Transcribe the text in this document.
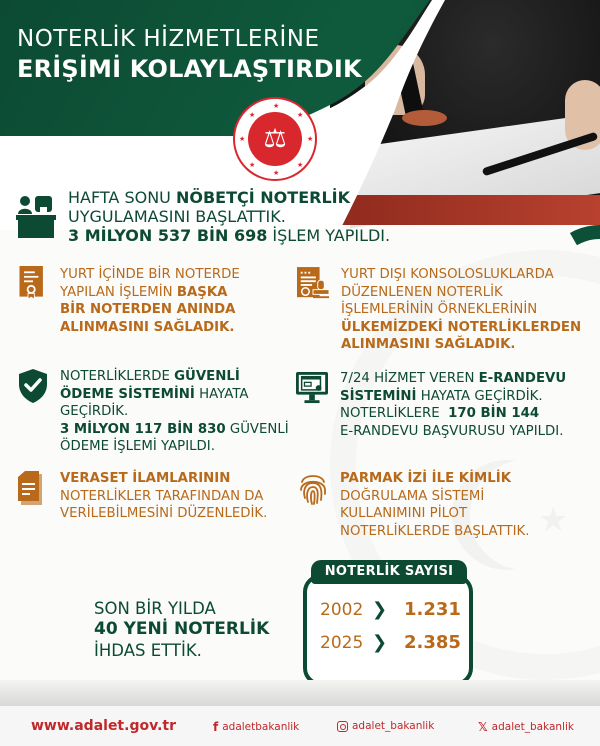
NOTERLİK HİZMETLERİNE
ERİŞİMİ KOLAYLAŞTIRDIK
★
★	★
★	★
★	★
★
⚖
HAFTA SONU NÖBETÇİ NOTERLİK
UYGULAMASINI BAŞLATTIK.
3 MİLYON 537 BİN 698 İŞLEM YAPILDI.
YURT İÇİNDE BİR NOTERDE
YAPILAN İŞLEMİN BAŞKA
BİR NOTERDEN ANINDA
ALINMASINI SAĞLADIK.
YURT DIŞI KONSOLOSLUKLARDA
DÜZENLENEN NOTERLİK
İŞLEMLERİNİN ÖRNEKLERİNİN
ÜLKEMİZDEKİ NOTERLİKLERDEN
ALINMASINI SAĞLADIK.
NOTERLİKLERDE GÜVENLİ
ÖDEME SİSTEMİNİ HAYATA
GEÇİRDİK.
3 MİLYON 117 BİN 830 GÜVENLİ
ÖDEME İŞLEMİ YAPILDI.
7/24 HİZMET VEREN E-RANDEVU
SİSTEMİNİ HAYATA GEÇİRDİK.
NOTERLİKLERE  170 BİN 144
E-RANDEVU BAŞVURUSU YAPILDI.
VERASET İLAMLARININ
NOTERLİKLER TARAFINDAN DA
VERİLEBİLMESİNİ DÜZENLEDİK.
PARMAK İZİ İLE KİMLİK
DOĞRULAMA SİSTEMİ
KULLANIMINI PİLOT
NOTERLİKLERDE BAŞLATTIK.
SON BİR YILDA
40 YENİ NOTERLİK
İHDAS ETTİK.
NOTERLİK SAYISI
2002 ❯ 1.231
2025 ❯ 2.385
www.adalet.gov.tr	f adaletbakanlik	adalet_bakanlik	𝕏 adalet_bakanlik
